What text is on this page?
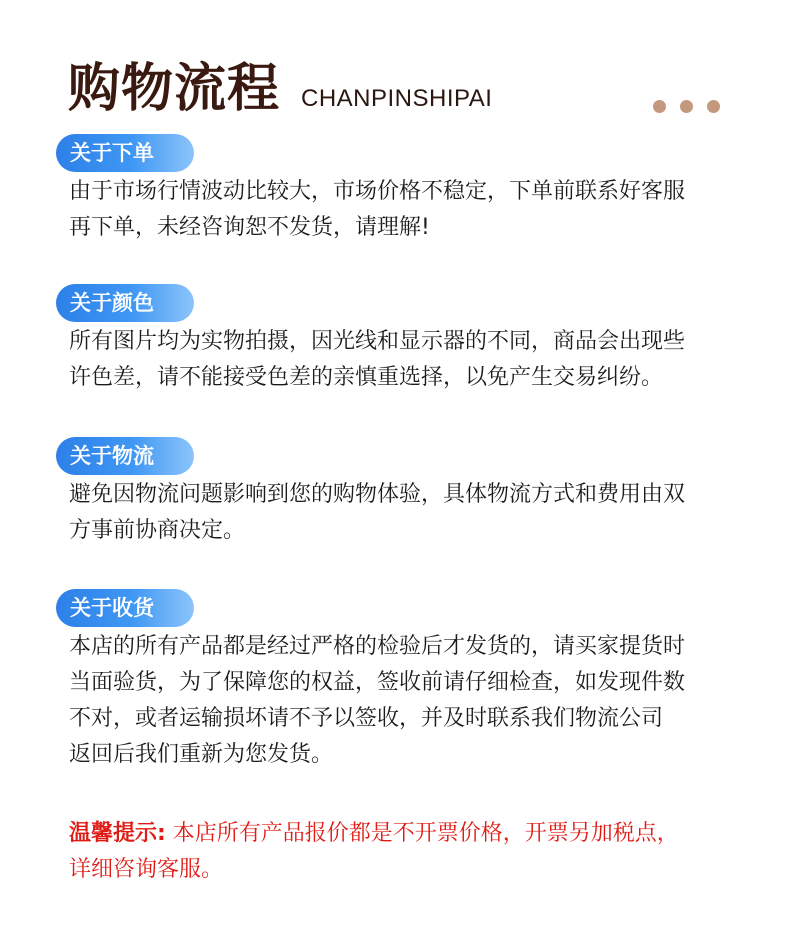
购物流程 CHANPINSHIPAI
关于下单
由于市场行情波动比较大，市场价格不稳定，下单前联系好客服
再下单，未经咨询恕不发货，请理解!
关于颜色
所有图片均为实物拍摄，因光线和显示器的不同，商品会出现些
许色差，请不能接受色差的亲慎重选择，以免产生交易纠纷。
关于物流
避免因物流问题影响到您的购物体验，具体物流方式和费用由双
方事前协商决定。
关于收货
本店的所有产品都是经过严格的检验后才发货的，请买家提货时
当面验货，为了保障您的权益，签收前请仔细检查，如发现件数
不对，或者运输损坏请不予以签收，并及时联系我们物流公司
返回后我们重新为您发货。
温馨提示: 本店所有产品报价都是不开票价格，开票另加税点，
详细咨询客服。
